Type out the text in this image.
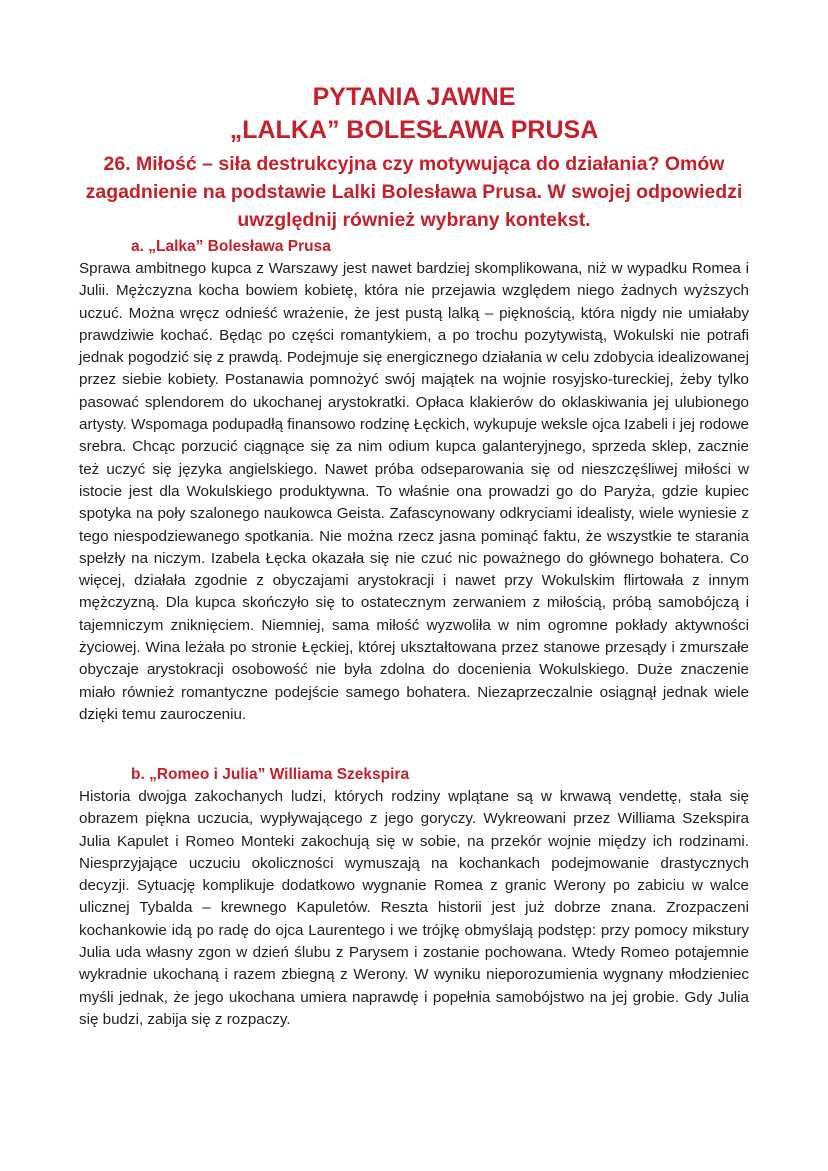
PYTANIA JAWNE
„LALKA” BOLESŁAWA PRUSA
26. Miłość – siła destrukcyjna czy motywująca do działania? Omów zagadnienie na podstawie Lalki Bolesława Prusa. W swojej odpowiedzi uwzględnij również wybrany kontekst.
a. „Lalka” Bolesława Prusa

Sprawa ambitnego kupca z Warszawy jest nawet bardziej skomplikowana, niż w wypadku Romea i Julii. Mężczyzna kocha bowiem kobietę, która nie przejawia względem niego żadnych wyższych uczuć. Można wręcz odnieść wrażenie, że jest pustą lalką – pięknością, która nigdy nie umiałaby prawdziwie kochać. Będąc po części romantykiem, a po trochu pozytywistą, Wokulski nie potrafi jednak pogodzić się z prawdą. Podejmuje się energicznego działania w celu zdobycia idealizowanej przez siebie kobiety. Postanawia pomnożyć swój majątek na wojnie rosyjsko-tureckiej, żeby tylko pasować splendorem do ukochanej arystokratki. Opłaca klakierów do oklaskiwania jej ulubionego artysty. Wspomaga podupadłą finansowo rodzinę Łęckich, wykupuje weksle ojca Izabeli i jej rodowe srebra. Chcąc porzucić ciągnące się za nim odium kupca galanteryjnego, sprzeda sklep, zacznie też uczyć się języka angielskiego. Nawet próba odseparowania się od nieszczęśliwej miłości w istocie jest dla Wokulskiego produktywna. To właśnie ona prowadzi go do Paryża, gdzie kupiec spotyka na poły szalonego naukowca Geista. Zafascynowany odkryciami idealisty, wiele wyniesie z tego niespodziewanego spotkania. Nie można rzecz jasna pominąć faktu, że wszystkie te starania spełzły na niczym. Izabela Łęcka okazała się nie czuć nic poważnego do głównego bohatera. Co więcej, działała zgodnie z obyczajami arystokracji i nawet przy Wokulskim flirtowała z innym mężczyzną. Dla kupca skończyło się to ostatecznym zerwaniem z miłością, próbą samobójczą i tajemniczym zniknięciem. Niemniej, sama miłość wyzwoliła w nim ogromne pokłady aktywności życiowej. Wina leżała po stronie Łęckiej, której ukształtowana przez stanowe przesądy i zmurszałe obyczaje arystokracji osobowość nie była zdolna do docenienia Wokulskiego. Duże znaczenie miało również romantyczne podejście samego bohatera. Niezaprzeczalnie osiągnął jednak wiele dzięki temu zauroczeniu.

b. „Romeo i Julia” Williama Szekspira

Historia dwojga zakochanych ludzi, których rodziny wplątane są w krwawą vendettę, stała się obrazem piękna uczucia, wypływającego z jego goryczy. Wykreowani przez Williama Szekspira Julia Kapulet i Romeo Monteki zakochują się w sobie, na przekór wojnie między ich rodzinami. Niesprzyjające uczuciu okoliczności wymuszają na kochankach podejmowanie drastycznych decyzji. Sytuację komplikuje dodatkowo wygnanie Romea z granic Werony po zabiciu w walce ulicznej Tybalda – krewnego Kapuletów. Reszta historii jest już dobrze znana. Zrozpaczeni kochankowie idą po radę do ojca Laurentego i we trójkę obmyślają podstęp: przy pomocy mikstury Julia uda własny zgon w dzień ślubu z Parysem i zostanie pochowana. Wtedy Romeo potajemnie wykradnie ukochaną i razem zbiegną z Werony. W wyniku nieporozumienia wygnany młodzieniec myśli jednak, że jego ukochana umiera naprawdę i popełnia samobójstwo na jej grobie. Gdy Julia się budzi, zabija się z rozpaczy.
